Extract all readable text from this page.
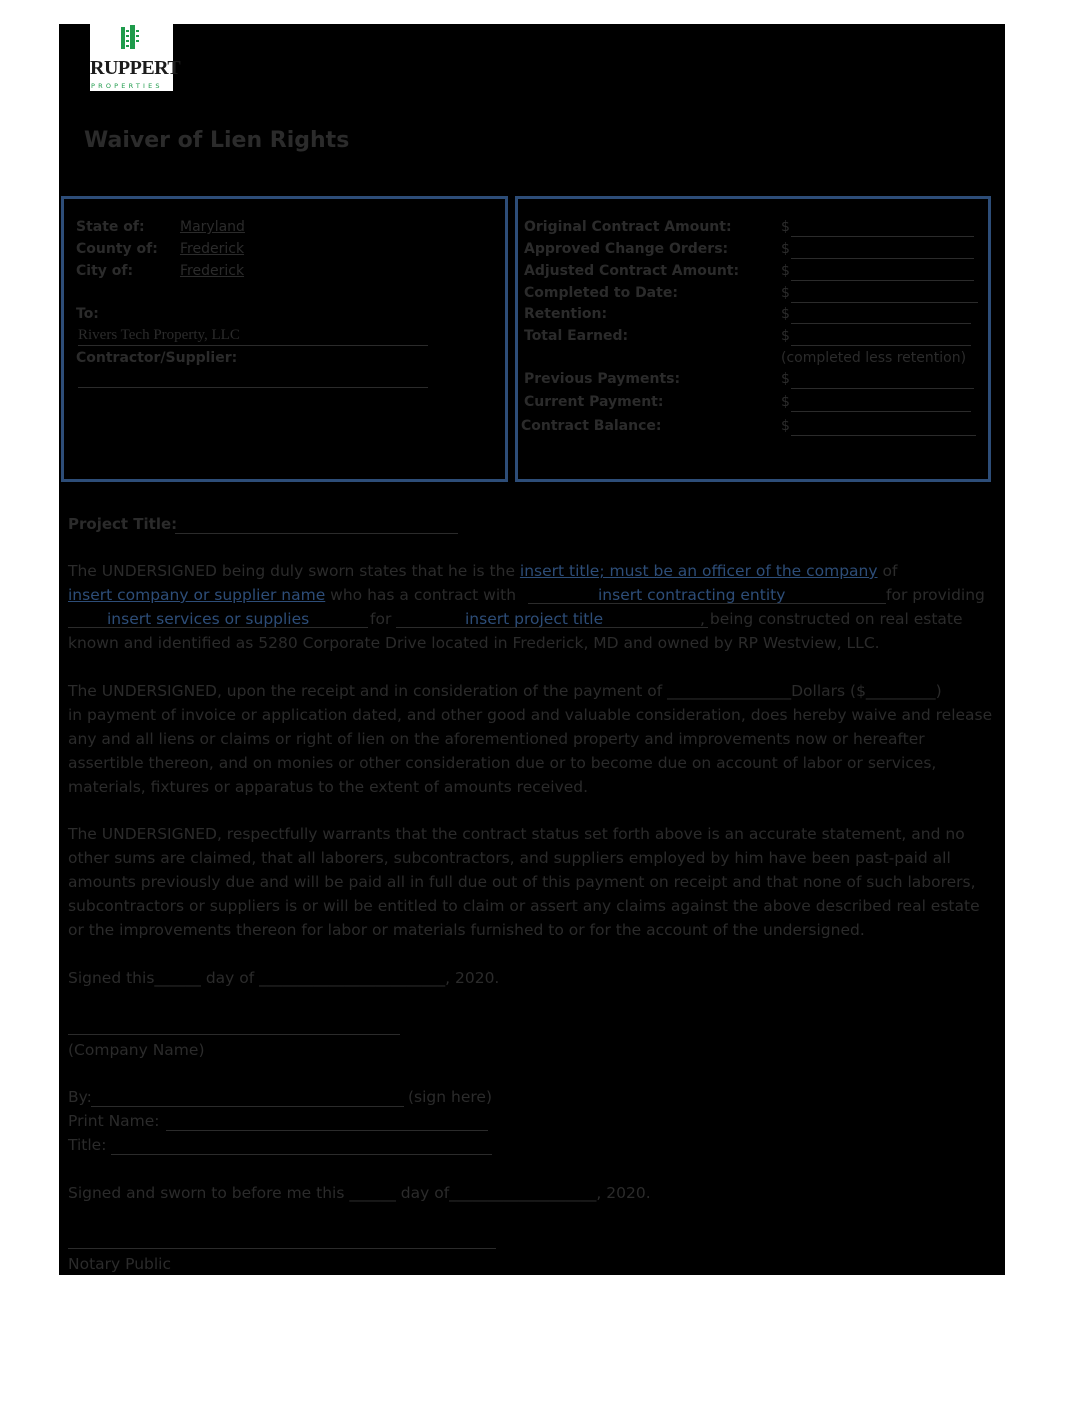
RUPPERT
PROPERTIES
Waiver of Lien Rights
State of:	Maryland
County of: Frederick
City of:	Frederick
To:
Rivers Tech Property, LLC
Contractor/Supplier:
Original Contract Amount:	$
Approved Change Orders:	$
Adjusted Contract Amount:	$
Completed to Date:	$
Retention:	$
Total Earned:	$
(completed less retention)
Previous Payments:	$
Current Payment:	$
Contract Balance:	$
Project Title:
The UNDERSIGNED being duly sworn states that he is the insert title; must be an officer of the company of
insert company or supplier name who has a contract with	insert contracting entity	for providing
insert services or supplies	for	insert project title	, being constructed on real estate
known and identified as 5280 Corporate Drive located in Frederick, MD and owned by RP Westview, LLC.
The UNDERSIGNED, upon the receipt and in consideration of the payment of ________________Dollars ($_________)
in payment of invoice or application dated, and other good and valuable consideration, does hereby waive and release
any and all liens or claims or right of lien on the aforementioned property and improvements now or hereafter
assertible thereon, and on monies or other consideration due or to become due on account of labor or services,
materials, fixtures or apparatus to the extent of amounts received.
The UNDERSIGNED, respectfully warrants that the contract status set forth above is an accurate statement, and no
other sums are claimed, that all laborers, subcontractors, and suppliers employed by him have been past-paid all
amounts previously due and will be paid all in full due out of this payment on receipt and that none of such laborers,
subcontractors or suppliers is or will be entitled to claim or assert any claims against the above described real estate
or the improvements thereon for labor or materials furnished to or for the account of the undersigned.
Signed this______ day of ________________________, 2020.
(Company Name)
By:	(sign here)
Print Name:
Title:
Signed and sworn to before me this ______ day of___________________, 2020.
Notary Public
